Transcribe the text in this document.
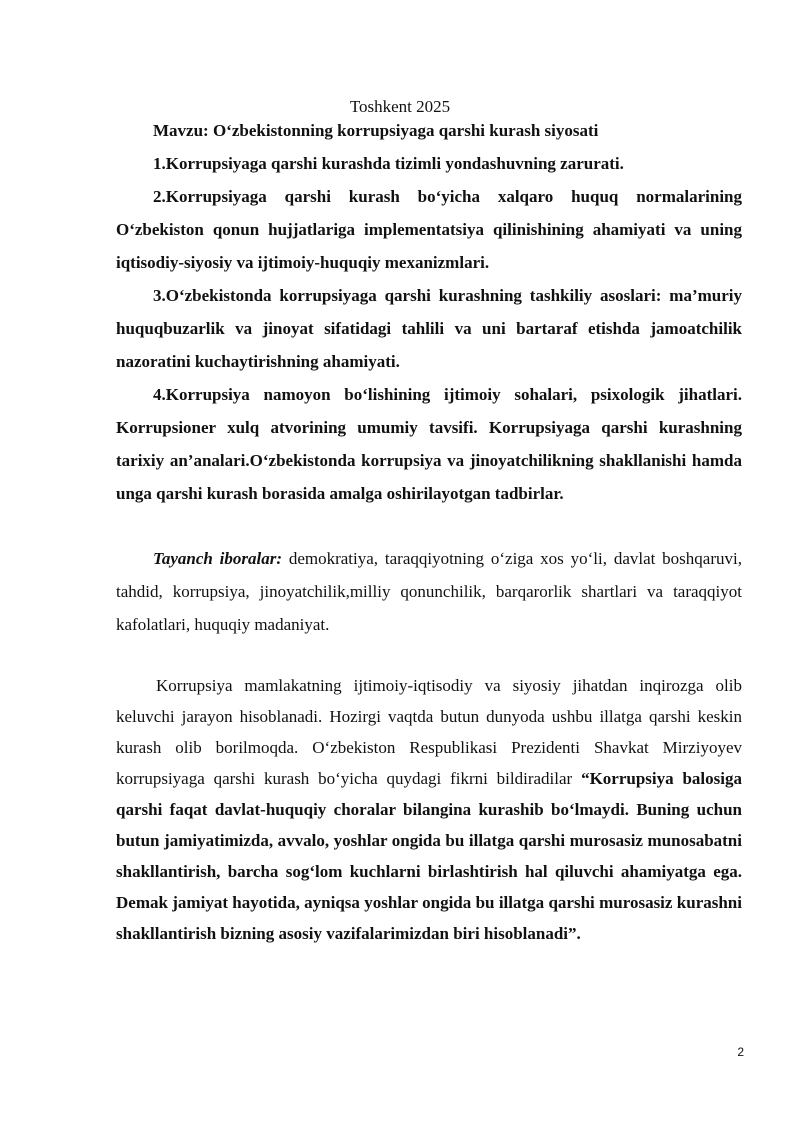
Toshkent 2025

Mavzu: O‘zbekistonning korrupsiyaga qarshi kurash siyosati

1.Korrupsiyaga qarshi kurashda tizimli yondashuvning zarurati.
2.Korrupsiyaga qarshi kurash bo‘yicha xalqaro huquq normalarining O‘zbekiston qonun hujjatlariga implementatsiya qilinishining ahamiyati va uning iqtisodiy-siyosiy va ijtimoiy-huquqiy mexanizmlari.
3.O‘zbekistonda korrupsiyaga qarshi kurashning tashkiliy asoslari: ma’muriy huquqbuzarlik va jinoyat sifatidagi tahlili va uni bartaraf etishda jamoatchilik nazoratini kuchaytirishning ahamiyati.
4.Korrupsiya namoyon bo‘lishining ijtimoiy sohalari, psixologik jihatlari. Korrupsioner xulq atvorining umumiy tavsifi. Korrupsiyaga qarshi kurashning tarixiy an’analari.O‘zbekistonda korrupsiya va jinoyatchilikning shakllanishi hamda unga qarshi kurash borasida amalga oshirilayotgan tadbirlar.

Tayanch iboralar: demokratiya, taraqqiyotning o‘ziga xos yo‘li, davlat boshqaruvi, tahdid, korrupsiya, jinoyatchilik,milliy qonunchilik, barqarorlik shartlari va taraqqiyot kafolatlari, huquqiy madaniyat.

Korrupsiya mamlakatning ijtimoiy-iqtisodiy va siyosiy jihatdan inqirozga olib keluvchi jarayon hisoblanadi. Hozirgi vaqtda butun dunyoda ushbu illatga qarshi keskin kurash olib borilmoqda. O‘zbekiston Respublikasi Prezidenti Shavkat Mirziyoyev korrupsiyaga qarshi kurash bo‘yicha quydagi fikrni bildiradilar “Korrupsiya balosiga qarshi faqat davlat-huquqiy choralar bilangina kurashib bo‘lmaydi. Buning uchun butun jamiyatimizda, avvalo, yoshlar ongida bu illatga qarshi murosasiz munosabatni shakllantirish, barcha sog‘lom kuchlarni birlashtirish hal qiluvchi ahamiyatga ega. Demak jamiyat hayotida, ayniqsa yoshlar ongida bu illatga qarshi murosasiz kurashni shakllantirish bizning asosiy vazifalarimizdan biri hisoblanadi”.

2
